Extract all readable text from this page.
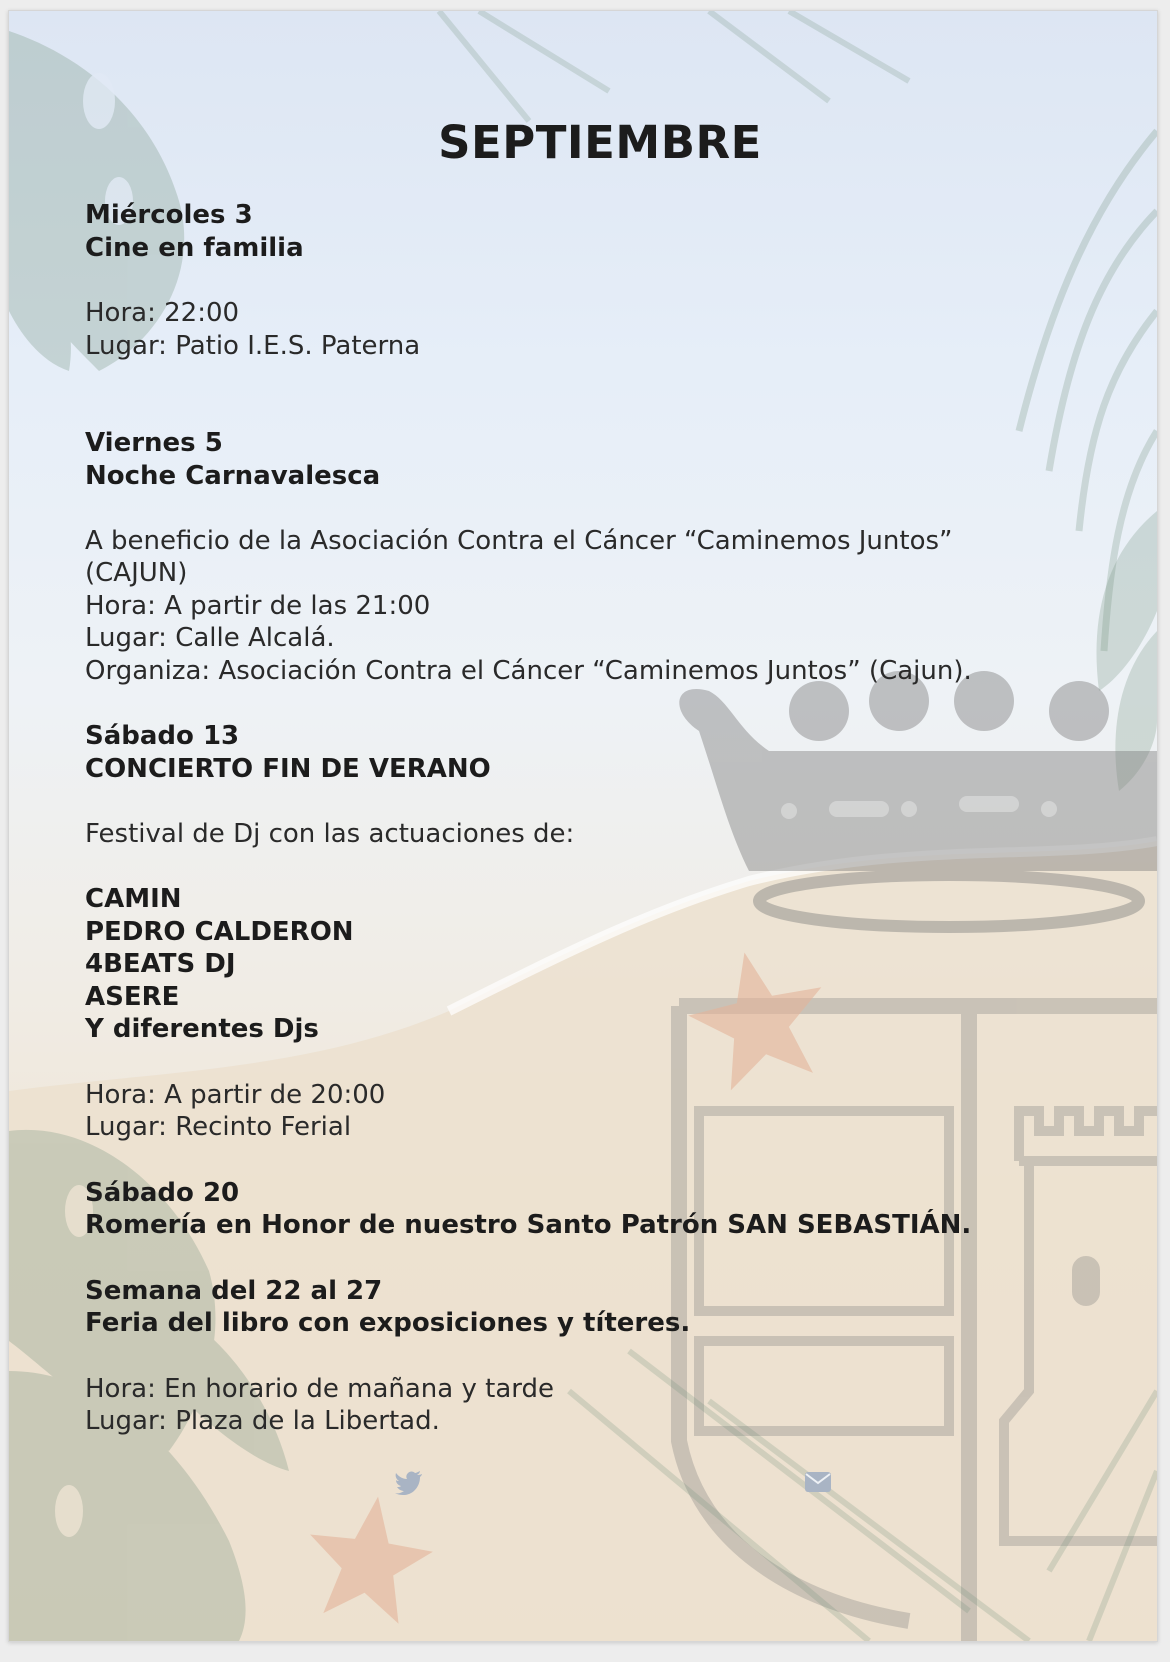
SEPTIEMBRE
Miércoles 3
Cine en familia
Hora: 22:00
Lugar: Patio I.E.S. Paterna
Viernes 5
Noche Carnavalesca
A beneficio de la Asociación Contra el Cáncer “Caminemos Juntos”
(CAJUN)
Hora: A partir de las 21:00
Lugar: Calle Alcalá.
Organiza: Asociación Contra el Cáncer “Caminemos Juntos” (Cajun).
Sábado 13
CONCIERTO FIN DE VERANO
Festival de Dj con las actuaciones de:
CAMIN
PEDRO CALDERON
4BEATS DJ
ASERE
Y diferentes Djs
Hora: A partir de 20:00
Lugar: Recinto Ferial
Sábado 20
Romería en Honor de nuestro Santo Patrón SAN SEBASTIÁN.
Semana del 22 al 27
Feria del libro con exposiciones y títeres.
Hora: En horario de mañana y tarde
Lugar: Plaza de la Libertad.
